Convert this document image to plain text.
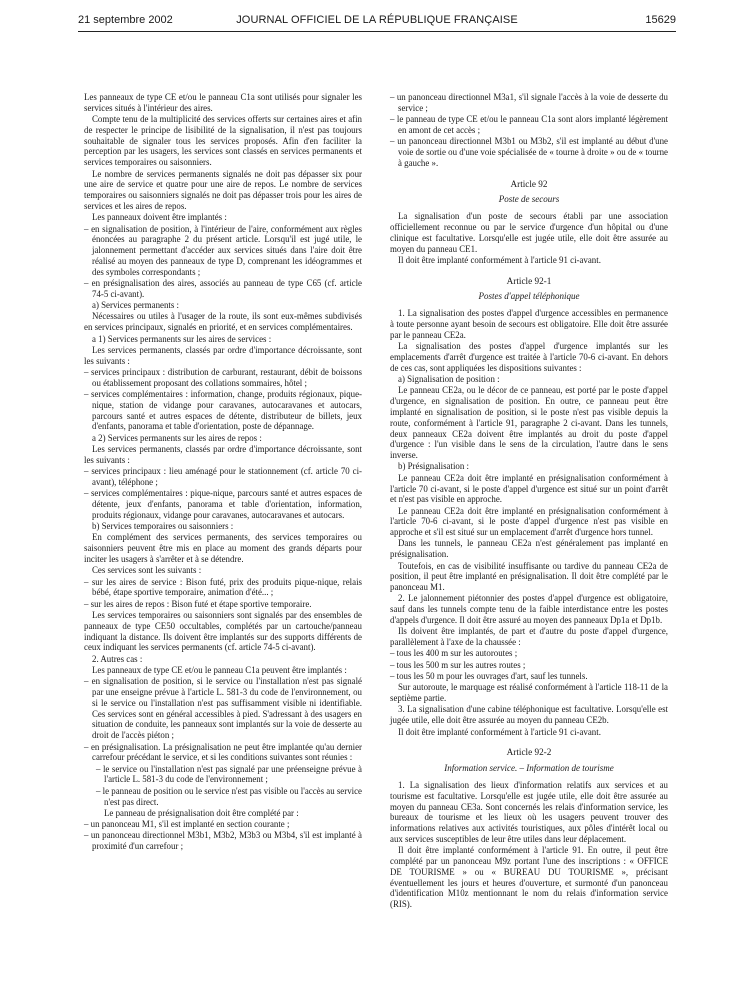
21 septembre 2002	JOURNAL OFFICIEL DE LA RÉPUBLIQUE FRANÇAISE	15629

Les panneaux de type CE et/ou le panneau C1a sont utilisés pour signaler les services situés à l'intérieur des aires.

Compte tenu de la multiplicité des services offerts sur certaines aires et afin de respecter le principe de lisibilité de la signalisation, il n'est pas toujours souhaitable de signaler tous les services proposés. Afin d'en faciliter la perception par les usagers, les services sont classés en services permanents et services temporaires ou saisonniers.

Le nombre de services permanents signalés ne doit pas dépasser six pour une aire de service et quatre pour une aire de repos. Le nombre de services temporaires ou saisonniers signalés ne doit pas dépasser trois pour les aires de services et les aires de repos.

Les panneaux doivent être implantés :

– en signalisation de position, à l'intérieur de l'aire, conformément aux règles énoncées au paragraphe 2 du présent article. Lorsqu'il est jugé utile, le jalonnement permettant d'accéder aux services situés dans l'aire doit être réalisé au moyen des panneaux de type D, comprenant les idéogrammes et des symboles correspondants ;

– en présignalisation des aires, associés au panneau de type C65 (cf. article 74-5 ci-avant).

a) Services permanents :

Nécessaires ou utiles à l'usager de la route, ils sont eux-mêmes subdivisés en services principaux, signalés en priorité, et en services complémentaires.

a 1) Services permanents sur les aires de services :

Les services permanents, classés par ordre d'importance décroissante, sont les suivants :

– services principaux : distribution de carburant, restaurant, débit de boissons ou établissement proposant des collations sommaires, hôtel ;

– services complémentaires : information, change, produits régionaux, pique-nique, station de vidange pour caravanes, autocaravanes et autocars, parcours santé et autres espaces de détente, distributeur de billets, jeux d'enfants, panorama et table d'orientation, poste de dépannage.

a 2) Services permanents sur les aires de repos :

Les services permanents, classés par ordre d'importance décroissante, sont les suivants :

– services principaux : lieu aménagé pour le stationnement (cf. article 70 ci-avant), téléphone ;

– services complémentaires : pique-nique, parcours santé et autres espaces de détente, jeux d'enfants, panorama et table d'orientation, information, produits régionaux, vidange pour caravanes, autocaravanes et autocars.

b) Services temporaires ou saisonniers :

En complément des services permanents, des services temporaires ou saisonniers peuvent être mis en place au moment des grands départs pour inciter les usagers à s'arrêter et à se détendre.

Ces services sont les suivants :

– sur les aires de service : Bison futé, prix des produits pique-nique, relais bébé, étape sportive temporaire, animation d'été... ;

– sur les aires de repos : Bison futé et étape sportive temporaire.

Les services temporaires ou saisonniers sont signalés par des ensembles de panneaux de type CE50 occultables, complétés par un cartouche/panneau indiquant la distance. Ils doivent être implantés sur des supports différents de ceux indiquant les services permanents (cf. article 74-5 ci-avant).

2. Autres cas :

Les panneaux de type CE et/ou le panneau C1a peuvent être implantés :

– en signalisation de position, si le service ou l'installation n'est pas signalé par une enseigne prévue à l'article L. 581-3 du code de l'environnement, ou si le service ou l'installation n'est pas suffisamment visible ni identifiable. Ces services sont en général accessibles à pied. S'adressant à des usagers en situation de conduite, les panneaux sont implantés sur la voie de desserte au droit de l'accès piéton ;

– en présignalisation. La présignalisation ne peut être implantée qu'au dernier carrefour précédant le service, et si les conditions suivantes sont réunies :

– le service ou l'installation n'est pas signalé par une préenseigne prévue à l'article L. 581-3 du code de l'environnement ;

– le panneau de position ou le service n'est pas visible ou l'accès au service n'est pas direct.

Le panneau de présignalisation doit être complété par :

– un panonceau M1, s'il est implanté en section courante ;

– un panonceau directionnel M3b1, M3b2, M3b3 ou M3b4, s'il est implanté à proximité d'un carrefour ;

– un panonceau directionnel M3a1, s'il signale l'accès à la voie de desserte du service ;

– le panneau de type CE et/ou le panneau C1a sont alors implanté légèrement en amont de cet accès ;

– un panonceau directionnel M3b1 ou M3b2, s'il est implanté au début d'une voie de sortie ou d'une voie spécialisée de « tourne à droite » ou de « tourne à gauche ».

Article 92

Poste de secours

La signalisation d'un poste de secours établi par une association officiellement reconnue ou par le service d'urgence d'un hôpital ou d'une clinique est facultative. Lorsqu'elle est jugée utile, elle doit être assurée au moyen du panneau CE1.

Il doit être implanté conformément à l'article 91 ci-avant.

Article 92-1

Postes d'appel téléphonique

1. La signalisation des postes d'appel d'urgence accessibles en permanence à toute personne ayant besoin de secours est obligatoire. Elle doit être assurée par le panneau CE2a.

La signalisation des postes d'appel d'urgence implantés sur les emplacements d'arrêt d'urgence est traitée à l'article 70-6 ci-avant. En dehors de ces cas, sont appliquées les dispositions suivantes :

a) Signalisation de position :

Le panneau CE2a, ou le décor de ce panneau, est porté par le poste d'appel d'urgence, en signalisation de position. En outre, ce panneau peut être implanté en signalisation de position, si le poste n'est pas visible depuis la route, conformément à l'article 91, paragraphe 2 ci-avant. Dans les tunnels, deux panneaux CE2a doivent être implantés au droit du poste d'appel d'urgence : l'un visible dans le sens de la circulation, l'autre dans le sens inverse.

b) Présignalisation :

Le panneau CE2a doit être implanté en présignalisation conformément à l'article 70 ci-avant, si le poste d'appel d'urgence est situé sur un point d'arrêt et n'est pas visible en approche.

Le panneau CE2a doit être implanté en présignalisation conformément à l'article 70-6 ci-avant, si le poste d'appel d'urgence n'est pas visible en approche et s'il est situé sur un emplacement d'arrêt d'urgence hors tunnel.

Dans les tunnels, le panneau CE2a n'est généralement pas implanté en présignalisation.

Toutefois, en cas de visibilité insuffisante ou tardive du panneau CE2a de position, il peut être implanté en présignalisation. Il doit être complété par le panonceau M1.

2. Le jalonnement piétonnier des postes d'appel d'urgence est obligatoire, sauf dans les tunnels compte tenu de la faible interdistance entre les postes d'appels d'urgence. Il doit être assuré au moyen des panneaux Dp1a et Dp1b.

Ils doivent être implantés, de part et d'autre du poste d'appel d'urgence, parallèlement à l'axe de la chaussée :

– tous les 400 m sur les autoroutes ;

– tous les 500 m sur les autres routes ;

– tous les 50 m pour les ouvrages d'art, sauf les tunnels.

Sur autoroute, le marquage est réalisé conformément à l'article 118-11 de la septième partie.

3. La signalisation d'une cabine téléphonique est facultative. Lorsqu'elle est jugée utile, elle doit être assurée au moyen du panneau CE2b.

Il doit être implanté conformément à l'article 91 ci-avant.

Article 92-2

Information service. – Information de tourisme

1. La signalisation des lieux d'information relatifs aux services et au tourisme est facultative. Lorsqu'elle est jugée utile, elle doit être assurée au moyen du panneau CE3a. Sont concernés les relais d'information service, les bureaux de tourisme et les lieux où les usagers peuvent trouver des informations relatives aux activités touristiques, aux pôles d'intérêt local ou aux services susceptibles de leur être utiles dans leur déplacement.

Il doit être implanté conformément à l'article 91. En outre, il peut être complété par un panonceau M9z portant l'une des inscriptions : « OFFICE DE TOURISME » ou « BUREAU DU TOURISME », précisant éventuellement les jours et heures d'ouverture, et surmonté d'un panonceau d'identification M10z mentionnant le nom du relais d'information service (RIS).
